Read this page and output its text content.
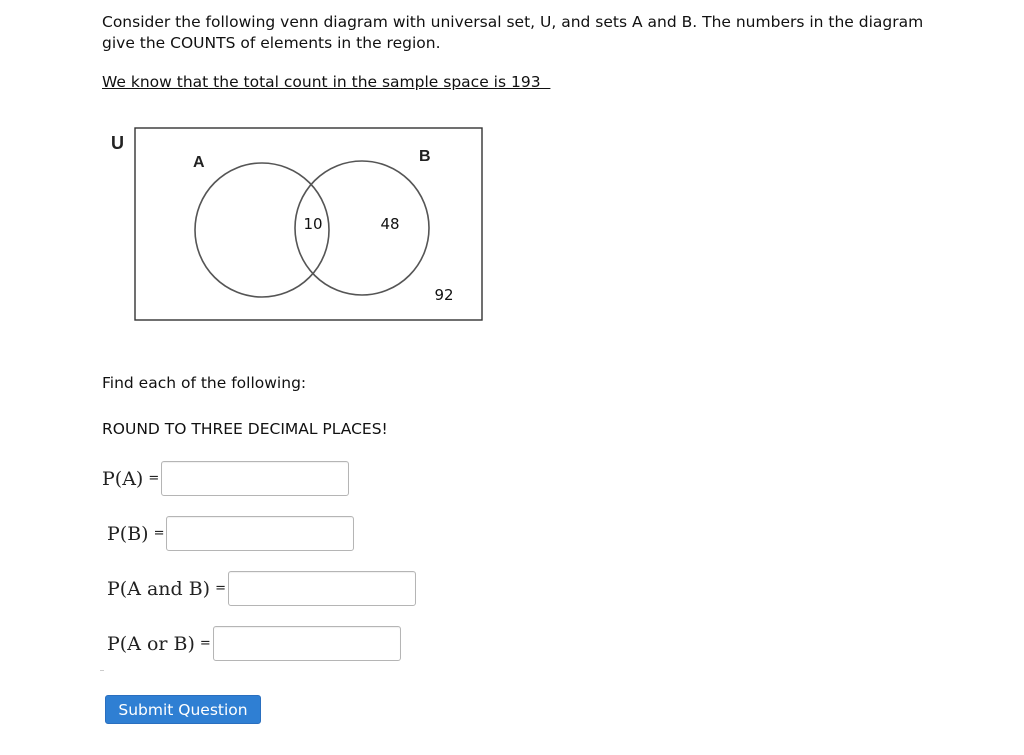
Consider the following venn diagram with universal set, U, and sets A and B. The numbers in the diagram give the COUNTS of elements in the region.

We know that the total count in the sample space is 193

U
A	B
10	48
92

Find each of the following:

ROUND TO THREE DECIMAL PLACES!

P(A) =
P(B) =
P(A and B) =
P(A or B) =
Submit Question
